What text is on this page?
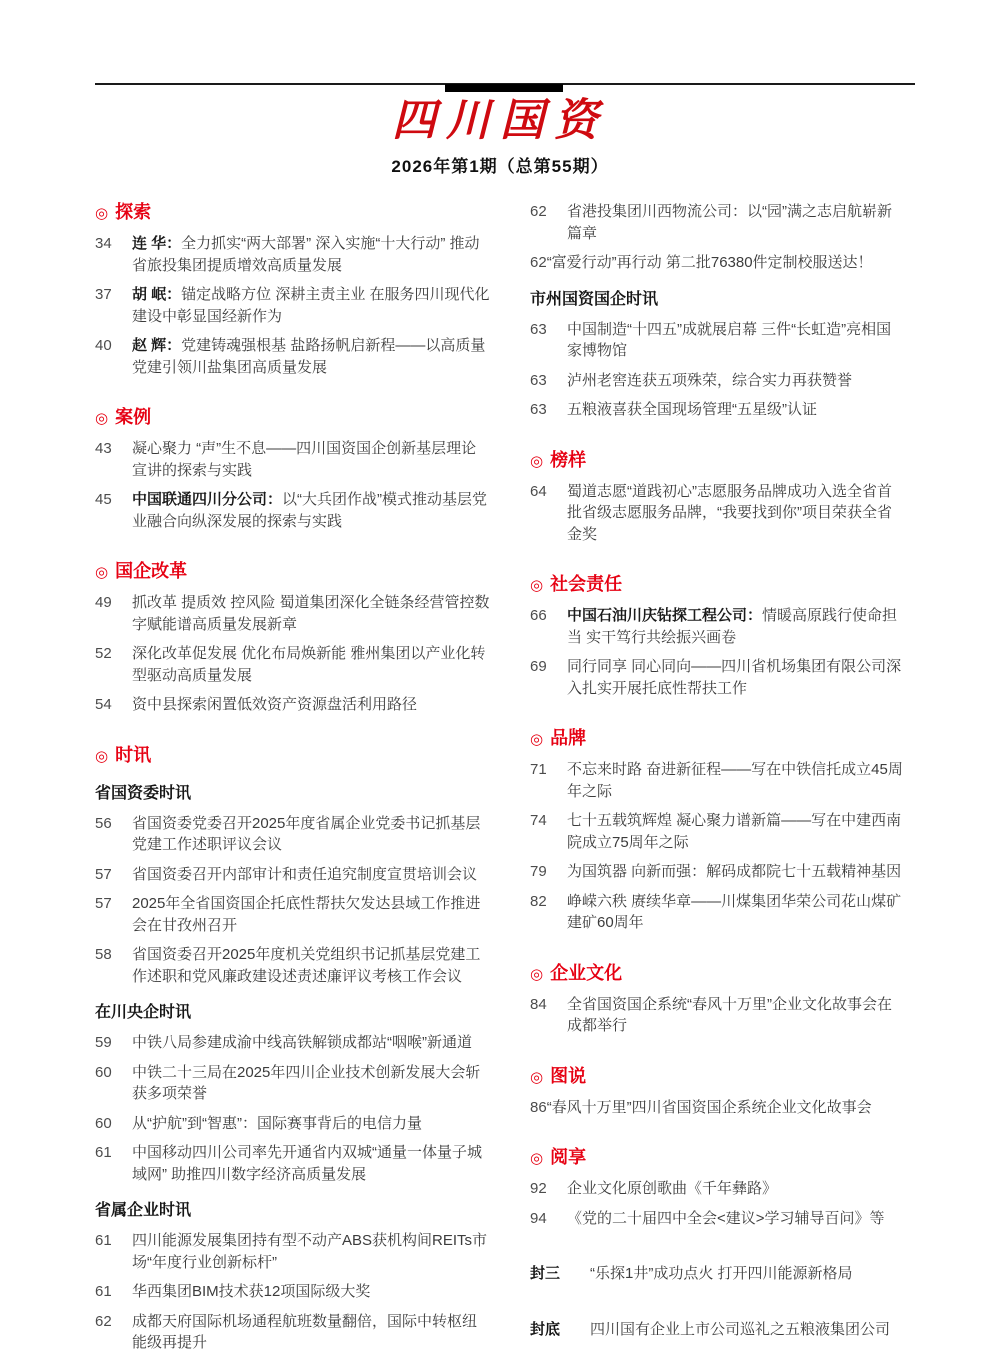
四川国资
2026年第1期（总第55期）
◎ 探索
34	连 华：全力抓实“两大部署” 深入实施“十大行动” 推动省旅投集团提质增效高质量发展
37	胡 岷：锚定战略方位 深耕主责主业 在服务四川现代化建设中彰显国经新作为
40	赵 辉：党建铸魂强根基 盐路扬帆启新程——以高质量党建引领川盐集团高质量发展
◎ 案例
43	凝心聚力 “声”生不息——四川国资国企创新基层理论宣讲的探索与实践
45	中国联通四川分公司：以“大兵团作战”模式推动基层党业融合向纵深发展的探索与实践
◎ 国企改革
49	抓改革 提质效 控风险 蜀道集团深化全链条经营管控数字赋能谱高质量发展新章
52	深化改革促发展 优化布局焕新能 雅州集团以产业化转型驱动高质量发展
54	资中县探索闲置低效资产资源盘活利用路径
◎ 时讯
省国资委时讯
56	省国资委党委召开2025年度省属企业党委书记抓基层党建工作述职评议会议
57	省国资委召开内部审计和责任追究制度宣贯培训会议
57	2025年全省国资国企托底性帮扶欠发达县域工作推进会在甘孜州召开
58	省国资委召开2025年度机关党组织书记抓基层党建工作述职和党风廉政建设述责述廉评议考核工作会议
在川央企时讯
59	中铁八局参建成渝中线高铁解锁成都站“咽喉”新通道
60	中铁二十三局在2025年四川企业技术创新发展大会斩获多项荣誉
60	从“护航”到“智惠”：国际赛事背后的电信力量
61	中国移动四川公司率先开通省内双城“通量一体量子城域网” 助推四川数字经济高质量发展
省属企业时讯
61	四川能源发展集团持有型不动产ABS获机构间REITs市场“年度行业创新标杆”
61	华西集团BIM技术获12项国际级大奖
62	成都天府国际机场通程航班数量翻倍，国际中转枢纽能级再提升
62	省港投集团川西物流公司：以“园”满之志启航崭新篇章
62 “富爱行动”再行动 第二批76380件定制校服送达！
市州国资国企时讯
63	中国制造“十四五”成就展启幕 三件“长虹造”亮相国家博物馆
63	泸州老窖连获五项殊荣，综合实力再获赞誉
63	五粮液喜获全国现场管理“五星级”认证
◎ 榜样
64	蜀道志愿“道践初心”志愿服务品牌成功入选全省首批省级志愿服务品牌，“我要找到你”项目荣获全省金奖
◎ 社会责任
66	中国石油川庆钻探工程公司：情暖高原践行使命担当 实干笃行共绘振兴画卷
69	同行同享 同心同向——四川省机场集团有限公司深入扎实开展托底性帮扶工作
◎ 品牌
71	不忘来时路 奋进新征程——写在中铁信托成立45周年之际
74	七十五载筑辉煌 凝心聚力谱新篇——写在中建西南院成立75周年之际
79	为国筑器 向新而强：解码成都院七十五载精神基因
82	峥嵘六秩 赓续华章——川煤集团华荣公司花山煤矿建矿60周年
◎ 企业文化
84	全省国资国企系统“春风十万里”企业文化故事会在成都举行
◎ 图说
86 “春风十万里”四川省国资国企系统企业文化故事会
◎ 阅享
92	企业文化原创歌曲《千年彝路》
94	《党的二十届四中全会<建议>学习辅导百问》等
封三	“乐探1井”成功点火 打开四川能源新格局
封底	四川国有企业上市公司巡礼之五粮液集团公司
